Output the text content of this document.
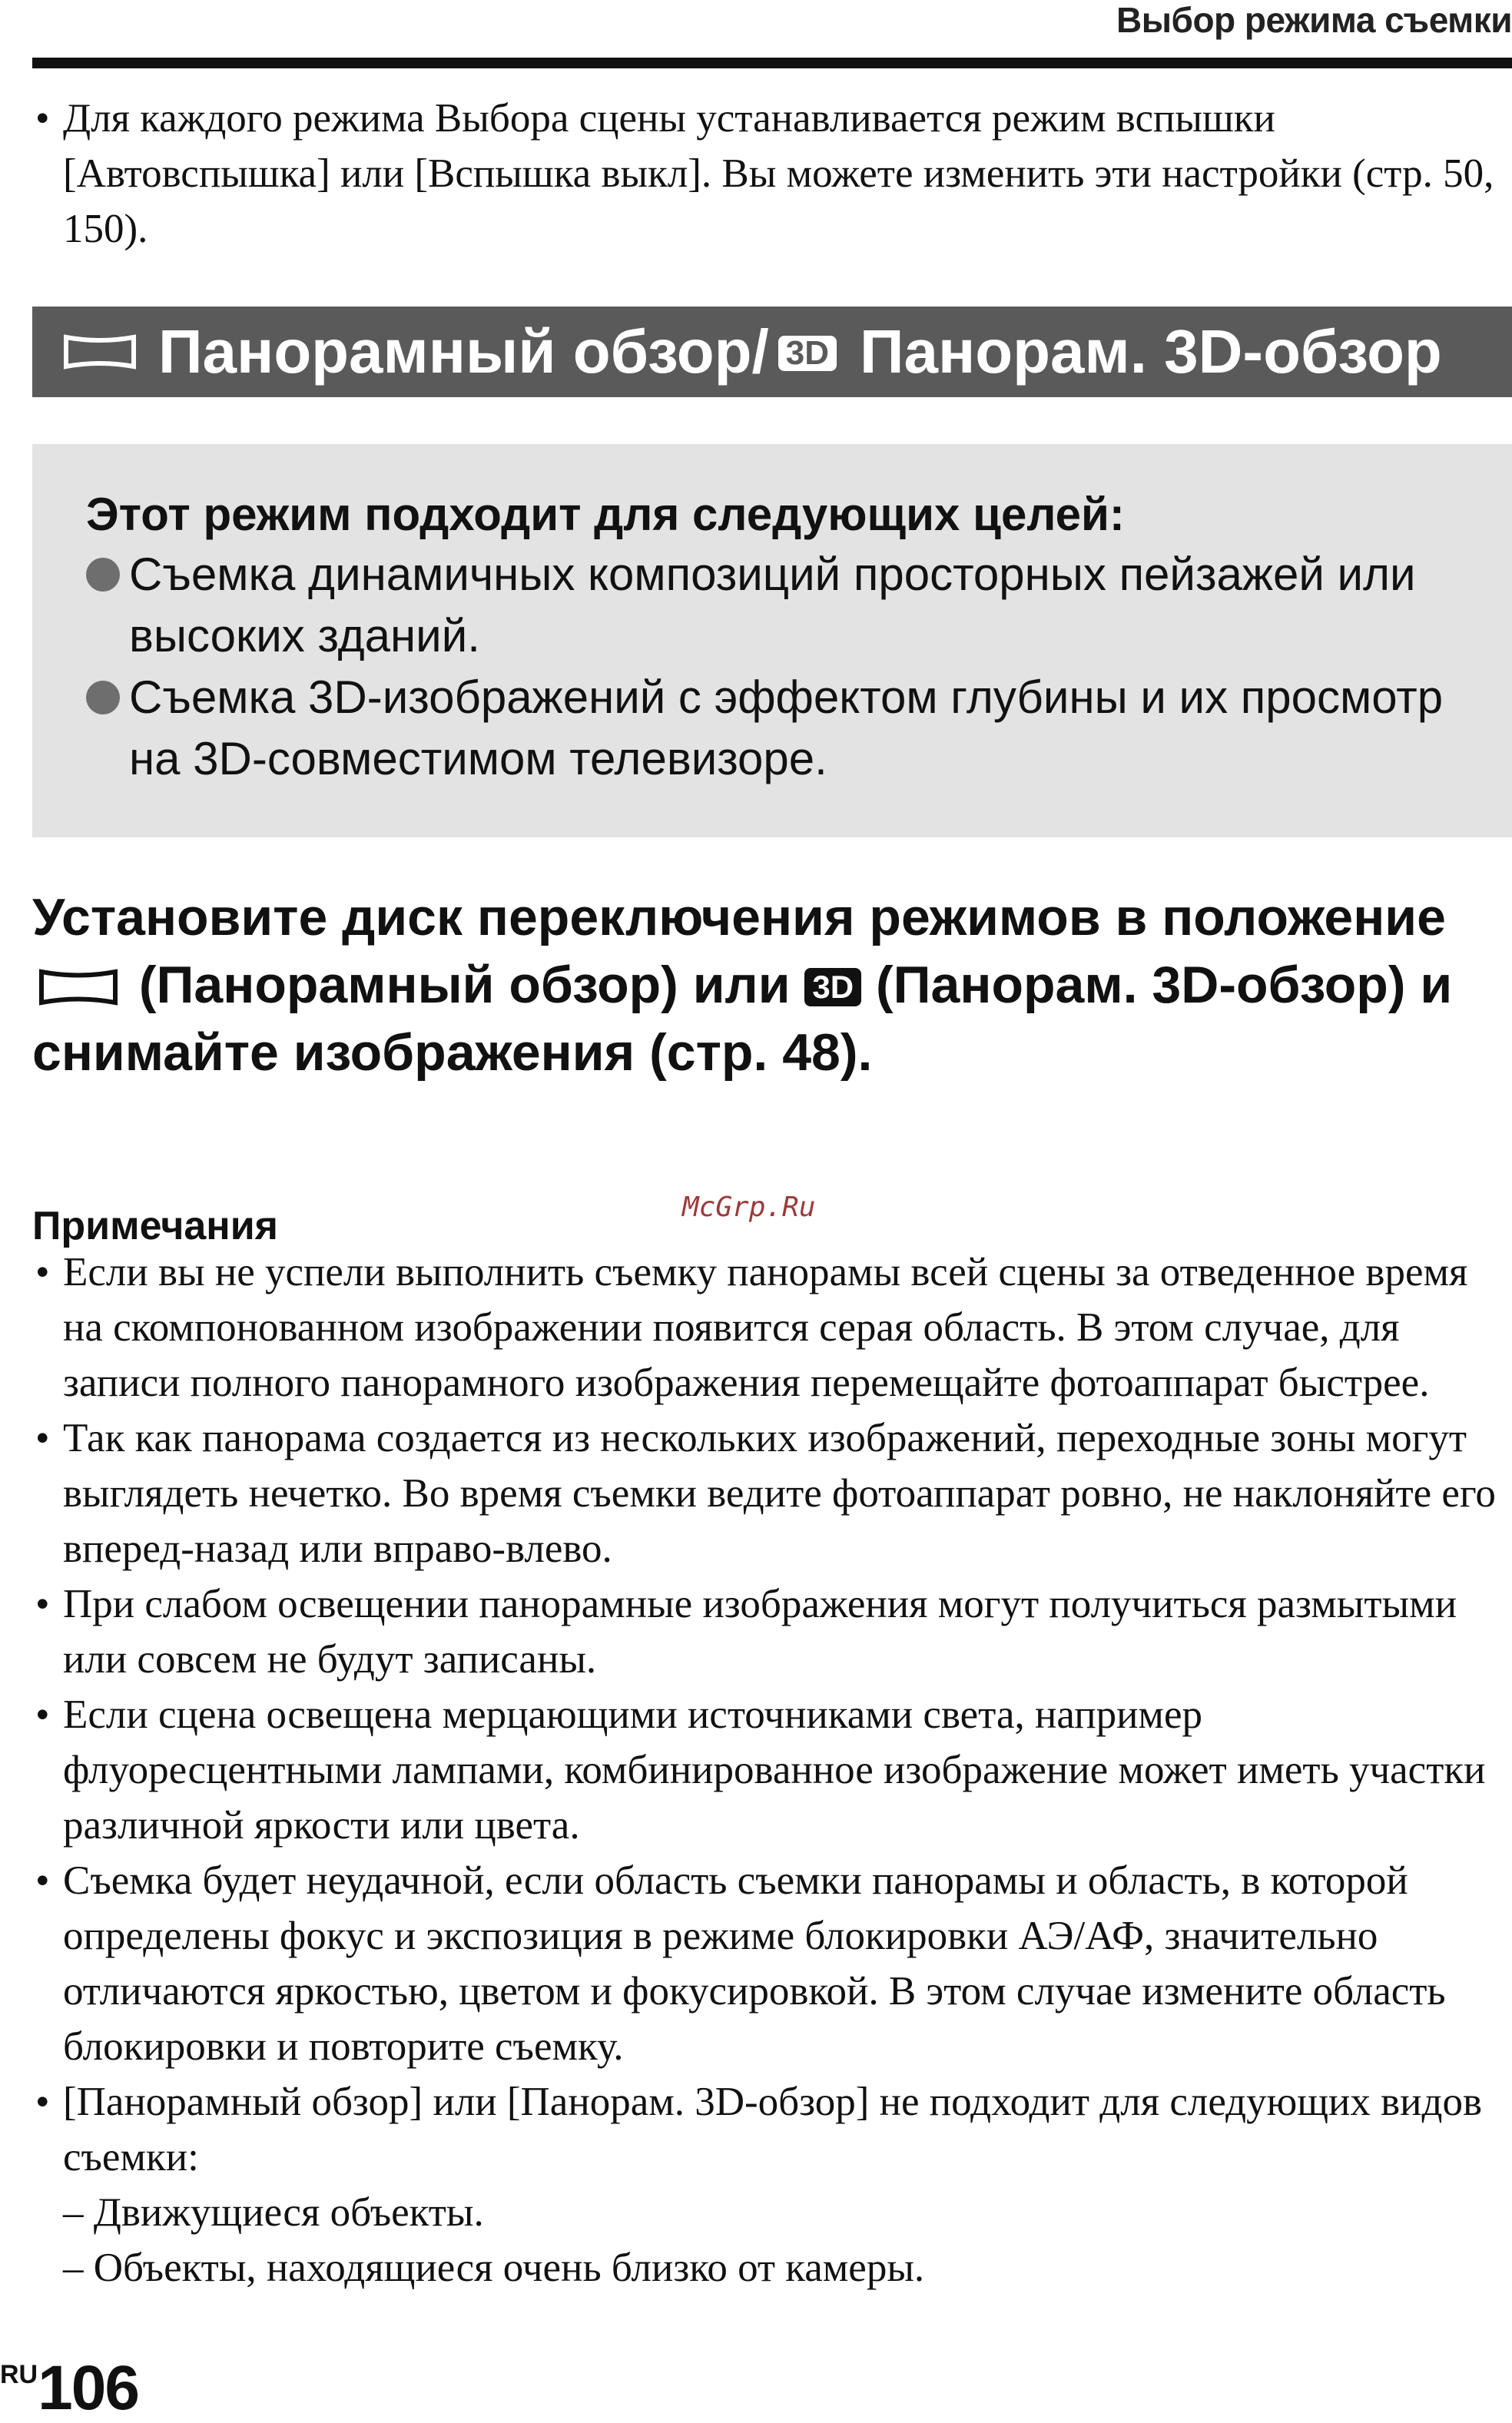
Выбор режима съемки
• Для каждого режима Выбора сцены устанавливается режим вспышки [Автовспышка] или [Вспышка выкл]. Вы можете изменить эти настройки (стр. 50, 150).
Панорамный обзор/ 3D Панорам. 3D-обзор
Этот режим подходит для следующих целей:
Съемка динамичных композиций просторных пейзажей или высоких зданий.
Съемка 3D-изображений с эффектом глубины и их просмотр на 3D-совместимом телевизоре.
Установите диск переключения режимов в положение  (Панорамный обзор) или 3D (Панорам. 3D-обзор) и снимайте изображения (стр. 48).
Примечания	McGrp.Ru
• Если вы не успели выполнить съемку панорамы всей сцены за отведенное время на скомпонованном изображении появится серая область. В этом случае, для записи полного панорамного изображения перемещайте фотоаппарат быстрее.
• Так как панорама создается из нескольких изображений, переходные зоны могут выглядеть нечетко. Во время съемки ведите фотоаппарат ровно, не наклоняйте его вперед-назад или вправо-влево.
• При слабом освещении панорамные изображения могут получиться размытыми или совсем не будут записаны.
• Если сцена освещена мерцающими источниками света, например флуоресцентными лампами, комбинированное изображение может иметь участки различной яркости или цвета.
• Съемка будет неудачной, если область съемки панорамы и область, в которой определены фокус и экспозиция в режиме блокировки АЭ/АФ, значительно отличаются яркостью, цветом и фокусировкой. В этом случае измените область блокировки и повторите съемку.
• [Панорамный обзор] или [Панорам. 3D-обзор] не подходит для следующих видов съемки:
– Движущиеся объекты.
– Объекты, находящиеся очень близко от камеры.
RU106
